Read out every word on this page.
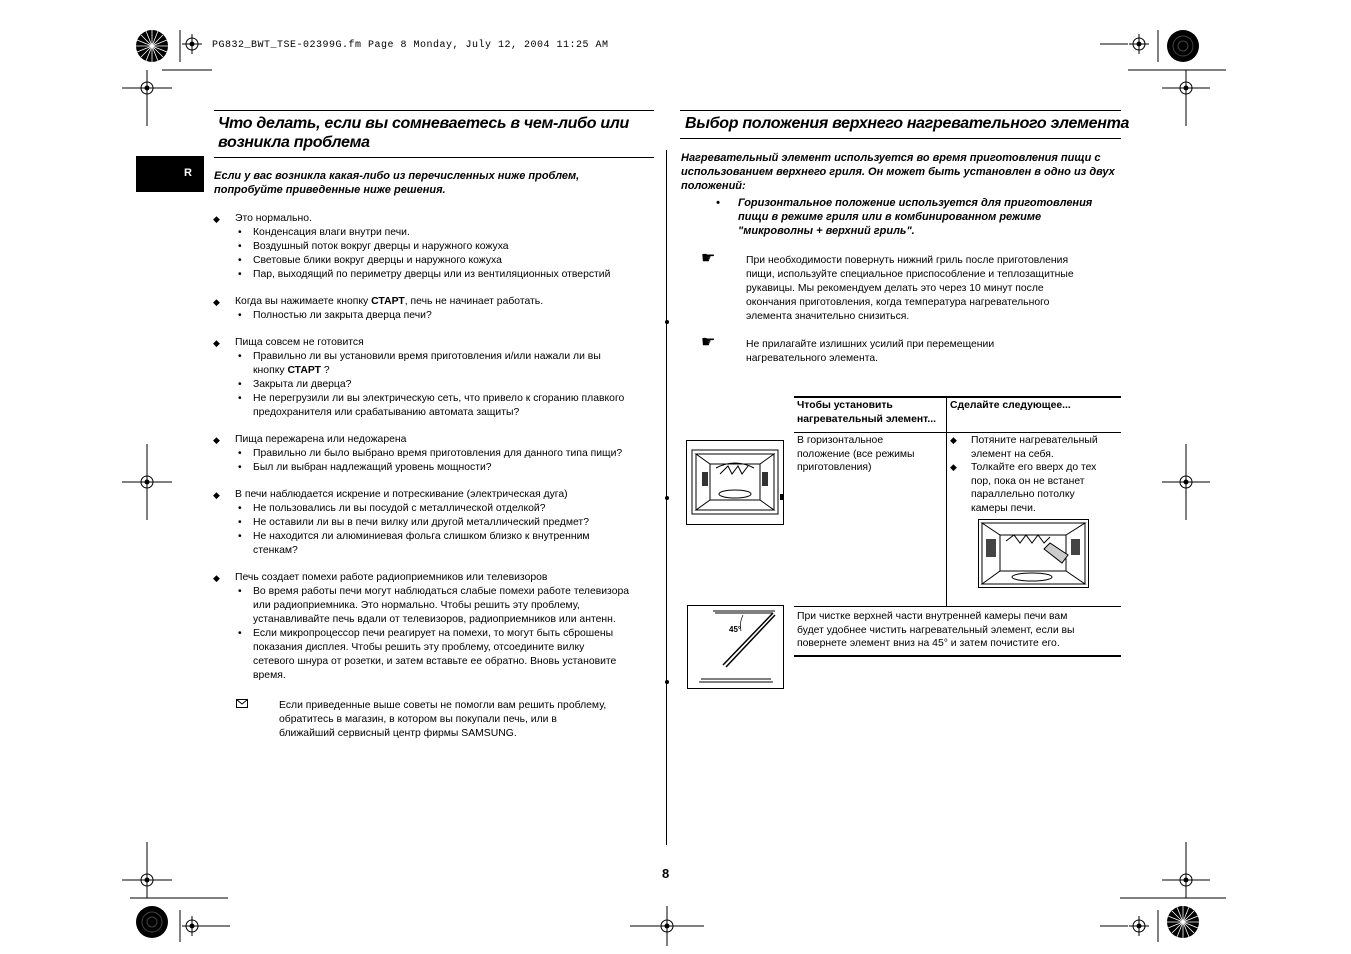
PG832_BWT_TSE-02399G.fm Page 8 Monday, July 12, 2004 11:25 AM
R
Что делать, если вы сомневаетесь в чем-либо или
возникла проблема
Если у вас возникла какая-либо из перечисленных ниже проблем,
попробуйте приведенные ниже решения.
◆ Это нормально.
• Конденсация влаги внутри печи.
• Воздушный поток вокруг дверцы и наружного кожуха
• Световые блики вокруг дверцы и наружного кожуха
• Пар, выходящий по периметру дверцы или из вентиляционных отверстий
◆ Когда вы нажимаете кнопку СТАРТ, печь не начинает работать.
• Полностью ли закрыта дверца печи?
◆ Пища совсем не готовится
• Правильно ли вы установили время приготовления и/или нажали ли вы
кнопку СТАРТ ?
• Закрыта ли дверца?
• Не перегрузили ли вы электрическую сеть, что привело к сгоранию плавкого
предохранителя или срабатыванию автомата защиты?
◆ Пища пережарена или недожарена
• Правильно ли было выбрано время приготовления для данного типа пищи?
• Был ли выбран надлежащий уровень мощности?
◆ В печи наблюдается искрение и потрескивание (электрическая дуга)
• Не пользовались ли вы посудой с металлической отделкой?
• Не оставили ли вы в печи вилку или другой металлический предмет?
• Не находится ли алюминиевая фольга слишком близко к внутренним
стенкам?
◆ Печь создает помехи работе радиоприемников или телевизоров
• Во время работы печи могут наблюдаться слабые помехи работе телевизора
или радиоприемника. Это нормально. Чтобы решить эту проблему,
устанавливайте печь вдали от телевизоров, радиоприемников или антенн.
• Если микропроцессор печи реагирует на помехи, то могут быть сброшены
показания дисплея. Чтобы решить эту проблему, отсоедините вилку
сетевого шнура от розетки, и затем вставьте ее обратно. Вновь установите
время.
Если приведенные выше советы не помогли вам решить проблему,
обратитесь в магазин, в котором вы покупали печь, или в
ближайший сервисный центр фирмы SAMSUNG.
Выбор положения верхнего нагревательного элемента
Нагревательный элемент используется во время приготовления пищи с
использованием верхнего гриля. Он может быть установлен в одно из двух
положений:
• Горизонтальное положение используется для приготовления
пищи в режиме гриля или в комбинированном режиме
"микроволны + верхний гриль".
☛	При необходимости повернуть нижний гриль после приготовления
пищи, используйте специальное приспособление и теплозащитные
рукавицы. Мы рекомендуем делать это через 10 минут после
окончания приготовления, когда температура нагревательного
элемента значительно снизиться.
☛	Не прилагайте излишних усилий при перемещении
нагревательного элемента.
Чтобы установить
нагревательный элемент...
Сделайте следующее...
В горизонтальное
положение (все режимы
приготовления)
◆ Потяните нагревательный
элемент на себя.
◆ Толкайте его вверх до тех
пор, пока он не встанет
параллельно потолку
камеры печи.
При чистке верхней части внутренней камеры печи вам
будет удобнее чистить нагревательный элемент, если вы
повернете элемент вниз на 45° и затем почистите его.
45°
8
